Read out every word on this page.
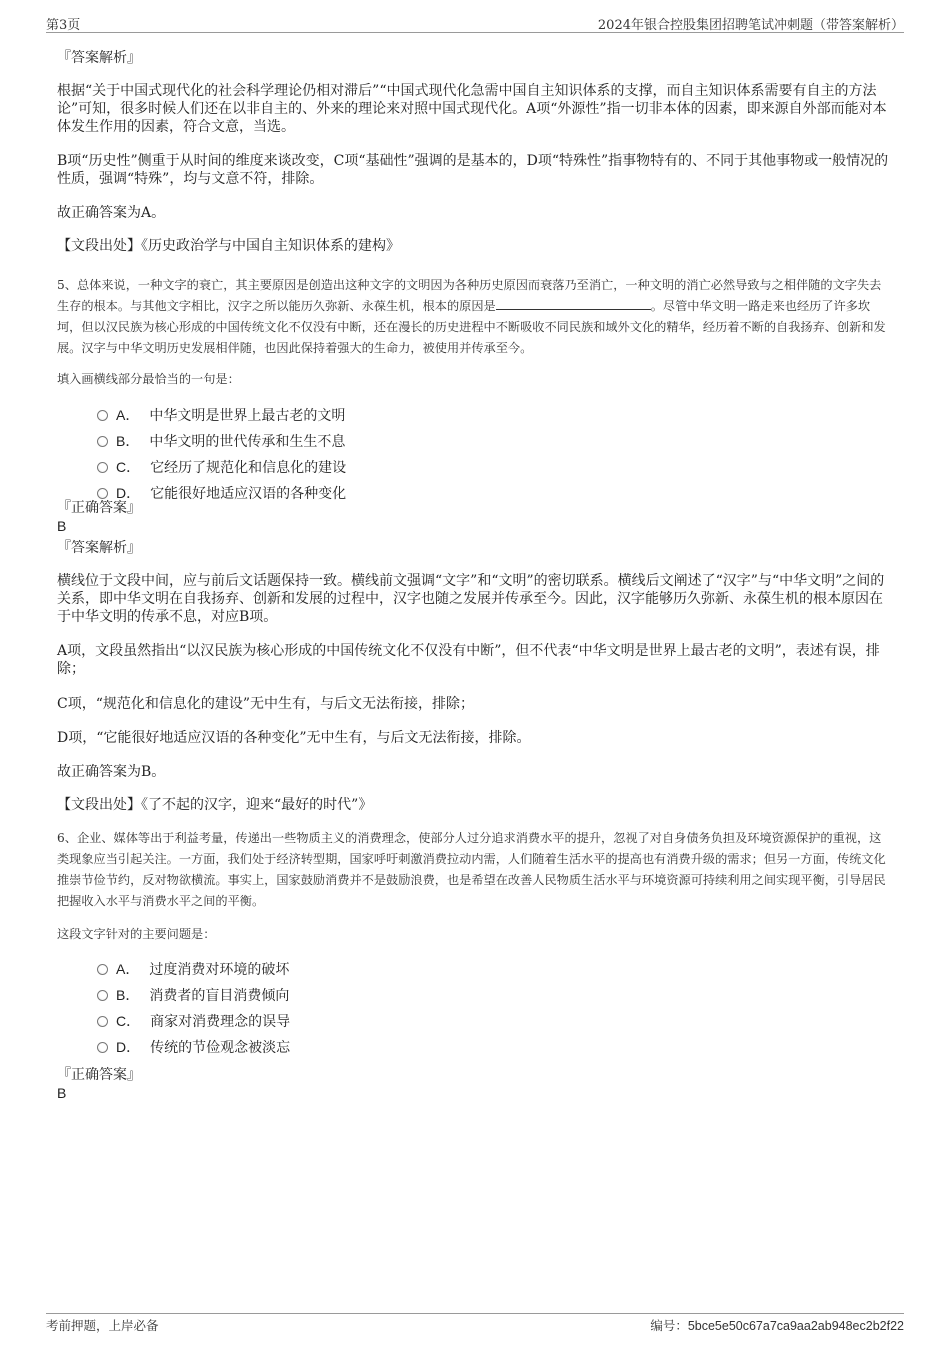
第3页	2024年银合控股集团招聘笔试冲刺题（带答案解析）
『答案解析』

根据“关于中国式现代化的社会科学理论仍相对滞后”“中国式现代化急需中国自主知识体系的支撑，而自主知识体系需要有自主的方法论”可知，很多时候人们还在以非自主的、外来的理论来对照中国式现代化。A项“外源性”指一切非本体的因素，即来源自外部而能对本体发生作用的因素，符合文意，当选。

B项“历史性”侧重于从时间的维度来谈改变，C项“基础性”强调的是基本的，D项“特殊性”指事物特有的、不同于其他事物或一般情况的性质，强调“特殊”，均与文意不符，排除。

故正确答案为A。

【文段出处】《历史政治学与中国自主知识体系的建构》

5、总体来说，一种文字的衰亡，其主要原因是创造出这种文字的文明因为各种历史原因而衰落乃至消亡，一种文明的消亡必然导致与之相伴随的文字失去生存的根本。与其他文字相比，汉字之所以能历久弥新、永葆生机，根本的原因是	。尽管中华文明一路走来也经历了许多坎坷，但以汉民族为核心形成的中国传统文化不仅没有中断，还在漫长的历史进程中不断吸收不同民族和域外文化的精华，经历着不断的自我扬弃、创新和发展。汉字与中华文明历史发展相伴随，也因此保持着强大的生命力，被使用并传承至今。

填入画横线部分最恰当的一句是：

A． 中华文明是世界上最古老的文明
B． 中华文明的世代传承和生生不息
C． 它经历了规范化和信息化的建设
D． 它能很好地适应汉语的各种变化
『正确答案』
B
『答案解析』

横线位于文段中间，应与前后文话题保持一致。横线前文强调“文字”和“文明”的密切联系。横线后文阐述了“汉字”与“中华文明”之间的关系，即中华文明在自我扬弃、创新和发展的过程中，汉字也随之发展并传承至今。因此，汉字能够历久弥新、永葆生机的根本原因在于中华文明的传承不息，对应B项。

A项，文段虽然指出“以汉民族为核心形成的中国传统文化不仅没有中断”，但不代表“中华文明是世界上最古老的文明”，表述有误，排除；

C项，“规范化和信息化的建设”无中生有，与后文无法衔接，排除；

D项，“它能很好地适应汉语的各种变化”无中生有，与后文无法衔接，排除。

故正确答案为B。

【文段出处】《了不起的汉字，迎来“最好的时代”》

6、企业、媒体等出于利益考量，传递出一些物质主义的消费理念，使部分人过分追求消费水平的提升，忽视了对自身债务负担及环境资源保护的重视，这类现象应当引起关注。一方面，我们处于经济转型期，国家呼吁刺激消费拉动内需，人们随着生活水平的提高也有消费升级的需求；但另一方面，传统文化推崇节俭节约，反对物欲横流。事实上，国家鼓励消费并不是鼓励浪费，也是希望在改善人民物质生活水平与环境资源可持续利用之间实现平衡，引导居民把握收入水平与消费水平之间的平衡。

这段文字针对的主要问题是：

A． 过度消费对环境的破坏
B． 消费者的盲目消费倾向
C． 商家对消费理念的误导
D． 传统的节俭观念被淡忘
『正确答案』
B
考前押题，上岸必备	编号：5bce5e50c67a7ca9aa2ab948ec2b2f22
